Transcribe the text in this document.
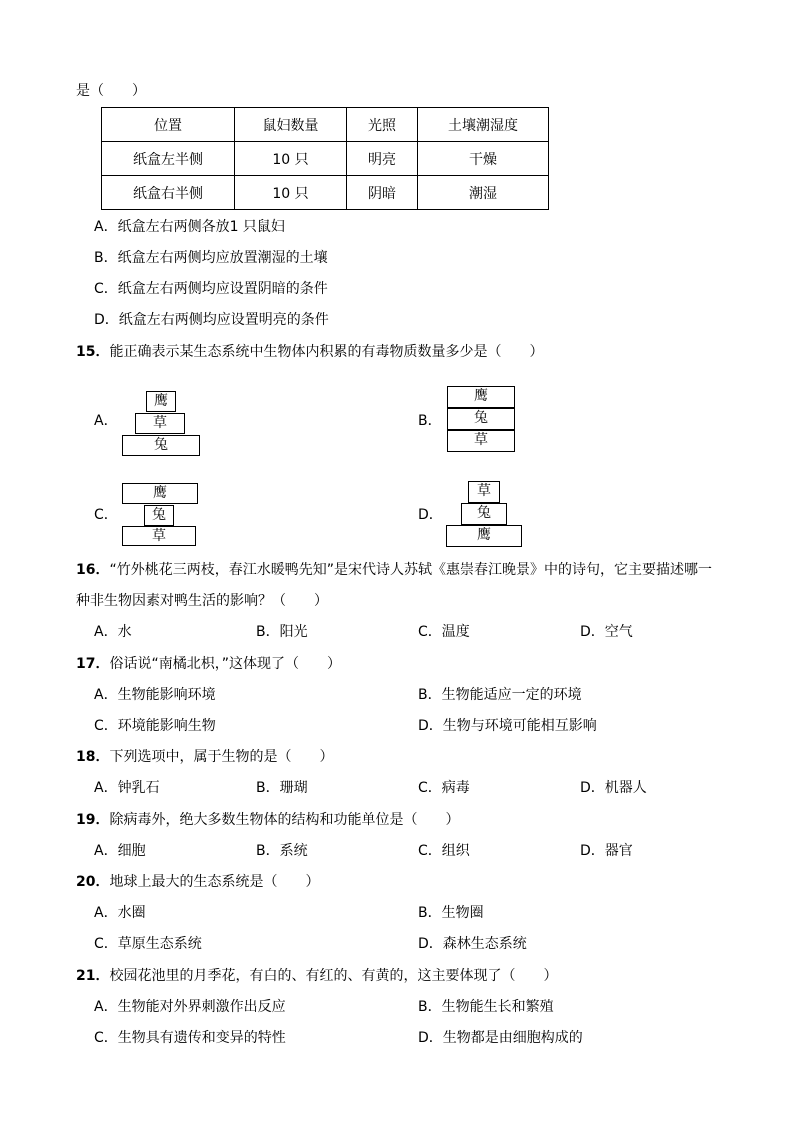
是（　　）
位置	鼠妇数量	光照	土壤潮湿度
纸盒左半侧	10 只	明亮	干燥
纸盒右半侧	10 只	阴暗	潮湿
A．纸盒左右两侧各放1 只鼠妇
B．纸盒左右两侧均应放置潮湿的土壤
C．纸盒左右两侧均应设置阴暗的条件
D．纸盒左右两侧均应设置明亮的条件
15．能正确表示某生态系统中生物体内积累的有毒物质数量多少是（　　）
A．
鹰
草
兔
B．
鹰
兔
草
C．
鹰
兔
草
D．
草
兔
鹰
16．“竹外桃花三两枝，春江水暖鸭先知”是宋代诗人苏轼《惠崇春江晚景》中的诗句，它主要描述哪一
种非生物因素对鸭生活的影响？（　　）
A．水	B．阳光	C．温度	D．空气
17．俗话说“南橘北枳，”这体现了（　　）
A．生物能影响环境	B．生物能适应一定的环境
C．环境能影响生物	D．生物与环境可能相互影响
18．下列选项中，属于生物的是（　　）
A．钟乳石	B．珊瑚	C．病毒	D．机器人
19．除病毒外，绝大多数生物体的结构和功能单位是（　　）
A．细胞	B．系统	C．组织	D．器官
20．地球上最大的生态系统是（　　）
A．水圈	B．生物圈
C．草原生态系统	D．森林生态系统
21．校园花池里的月季花，有白的、有红的、有黄的，这主要体现了（　　）
A．生物能对外界刺激作出反应	B．生物能生长和繁殖
C．生物具有遗传和变异的特性	D．生物都是由细胞构成的
